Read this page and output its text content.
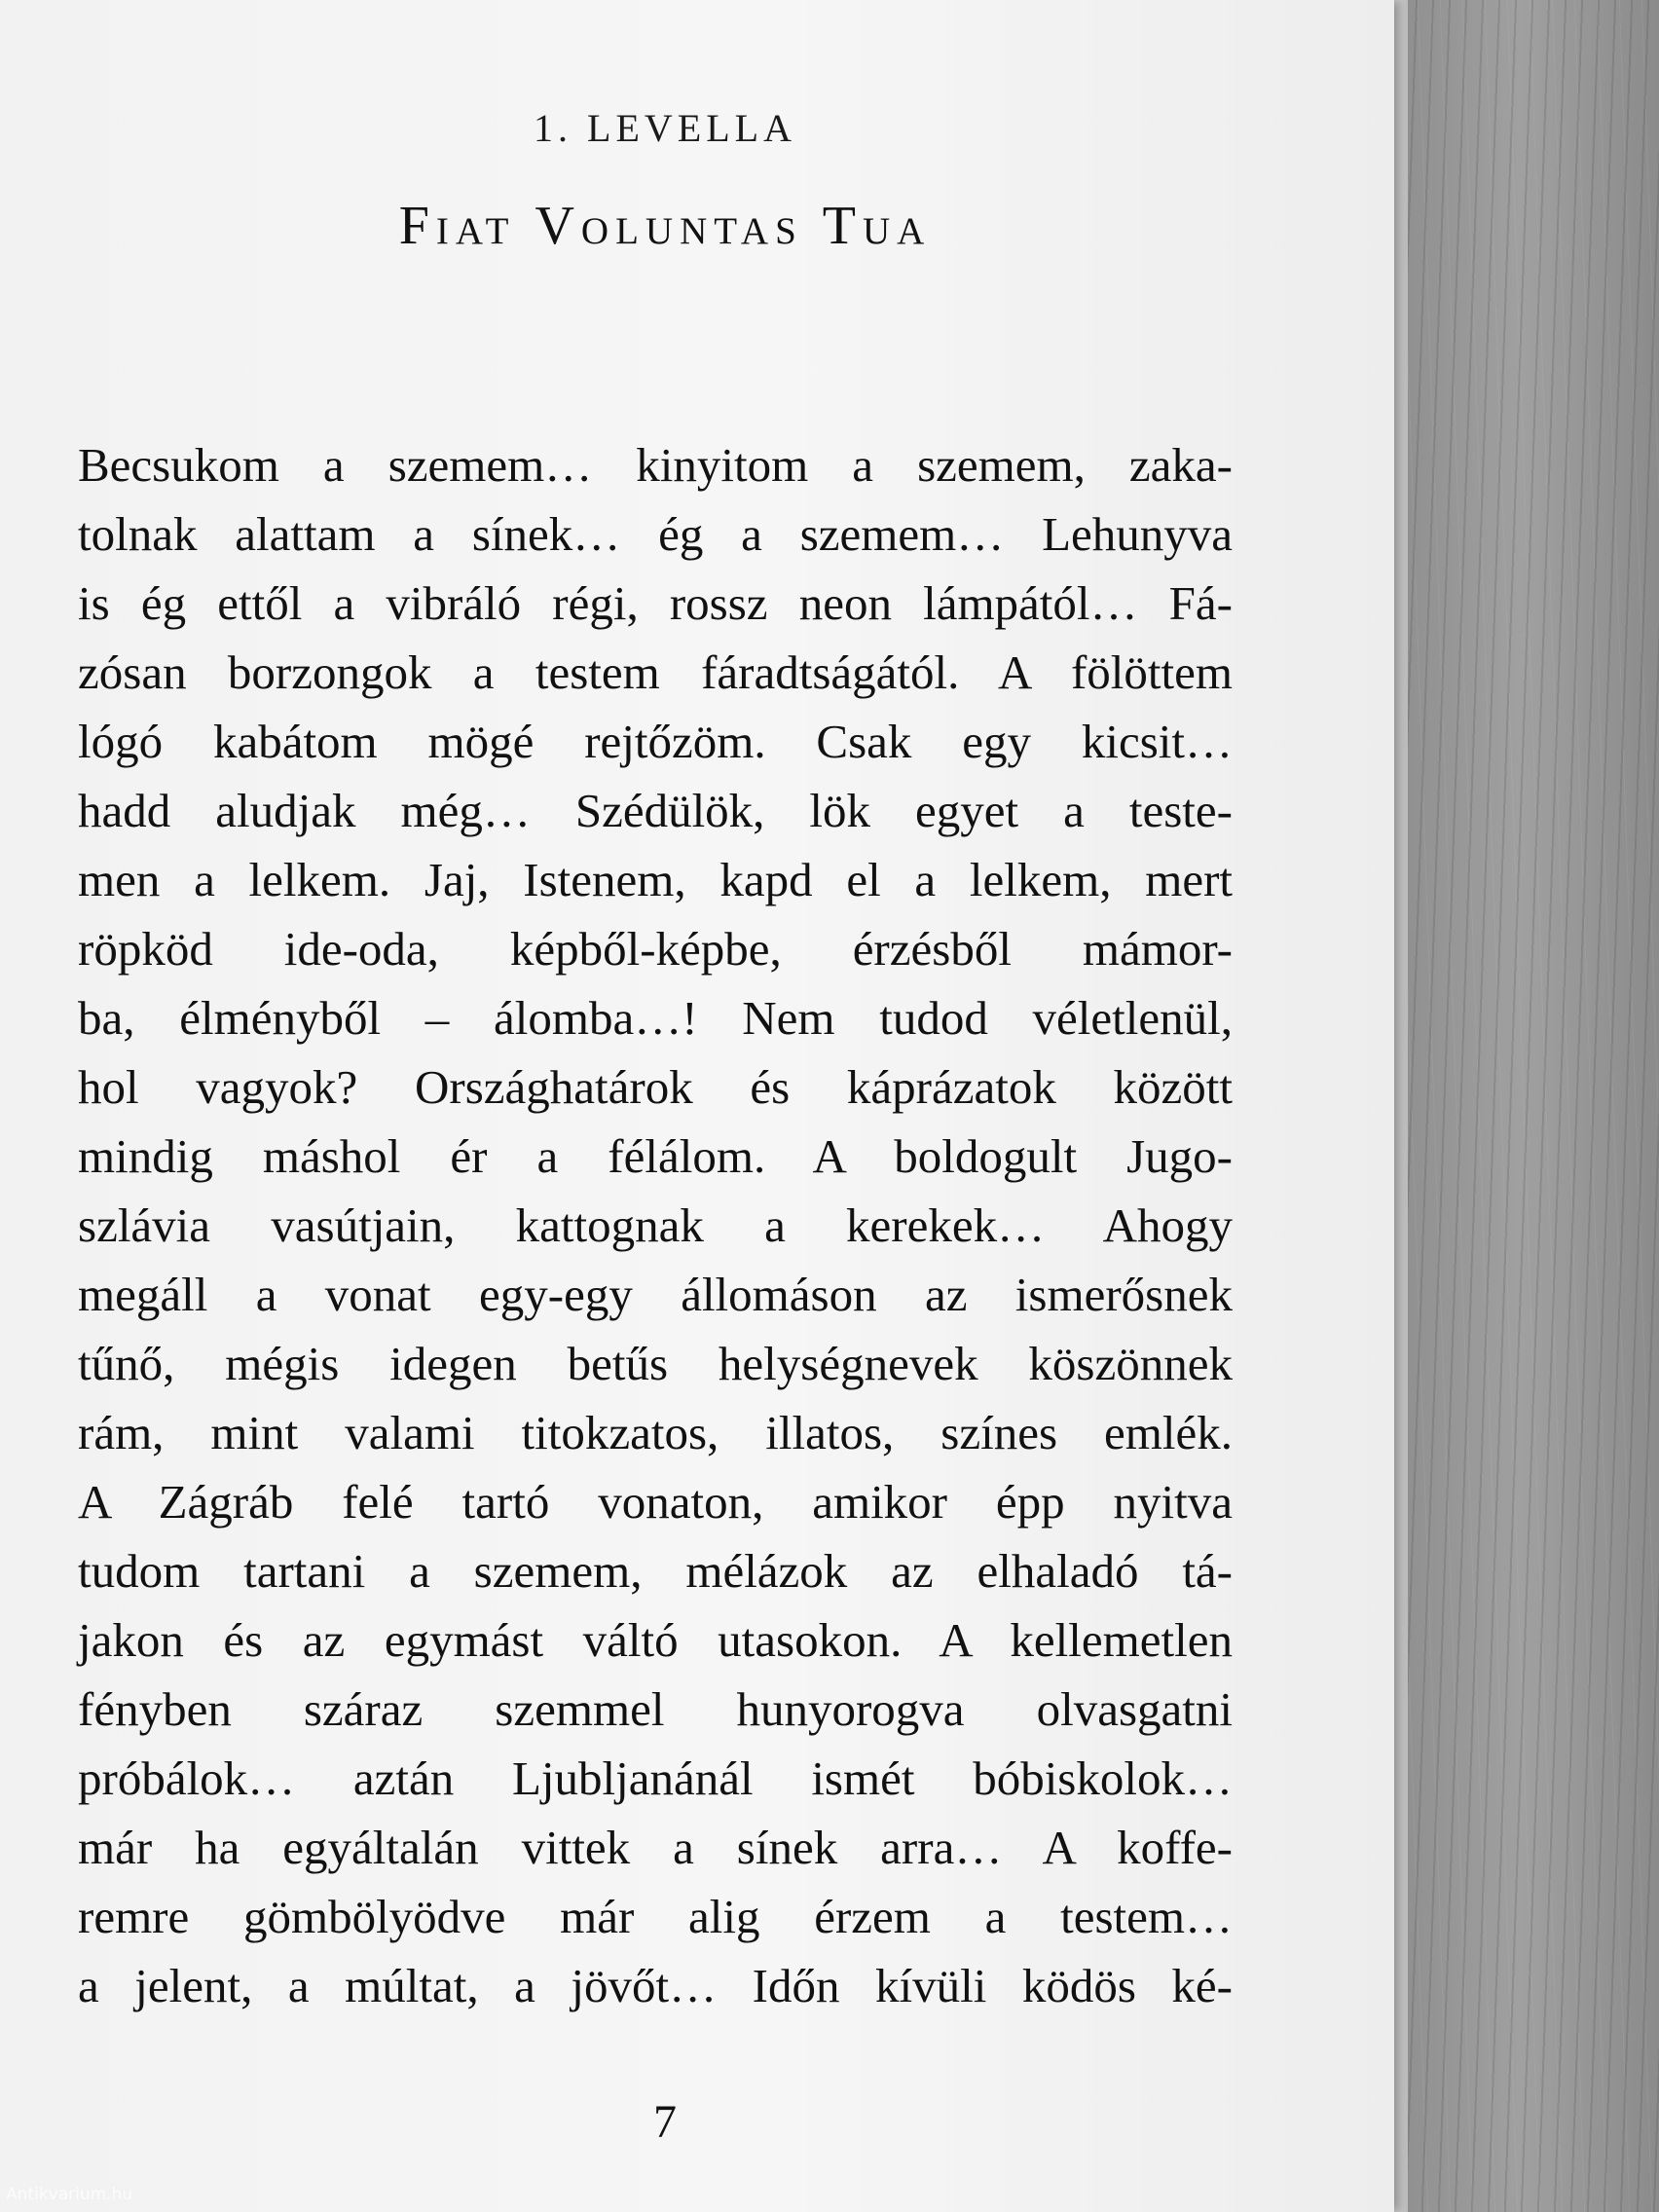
1. LEVELLA
Fiat Voluntas Tua
Becsukom a szemem… kinyitom a szemem, zaka-
tolnak alattam a sínek… ég a szemem… Lehunyva
is ég ettől a vibráló régi, rossz neon lámpától… Fá-
zósan borzongok a testem fáradtságától. A fölöttem
lógó kabátom mögé rejtőzöm. Csak egy kicsit…
hadd aludjak még… Szédülök, lök egyet a teste-
men a lelkem. Jaj, Istenem, kapd el a lelkem, mert
röpköd ide-oda, képből-képbe, érzésből mámor-
ba, élményből – álomba…! Nem tudod véletlenül,
hol vagyok? Országhatárok és káprázatok között
mindig máshol ér a félálom. A boldogult Jugo-
szlávia vasútjain, kattognak a kerekek… Ahogy
megáll a vonat egy-egy állomáson az ismerősnek
tűnő, mégis idegen betűs helységnevek köszönnek
rám, mint valami titokzatos, illatos, színes emlék.
A Zágráb felé tartó vonaton, amikor épp nyitva
tudom tartani a szemem, mélázok az elhaladó tá-
jakon és az egymást váltó utasokon. A kellemetlen
fényben száraz szemmel hunyorogva olvasgatni
próbálok… aztán Ljubljanánál ismét bóbiskolok…
már ha egyáltalán vittek a sínek arra… A koffe-
remre gömbölyödve már alig érzem a testem…
a jelent, a múltat, a jövőt… Időn kívüli ködös ké-
7
Antikvarium.hu
